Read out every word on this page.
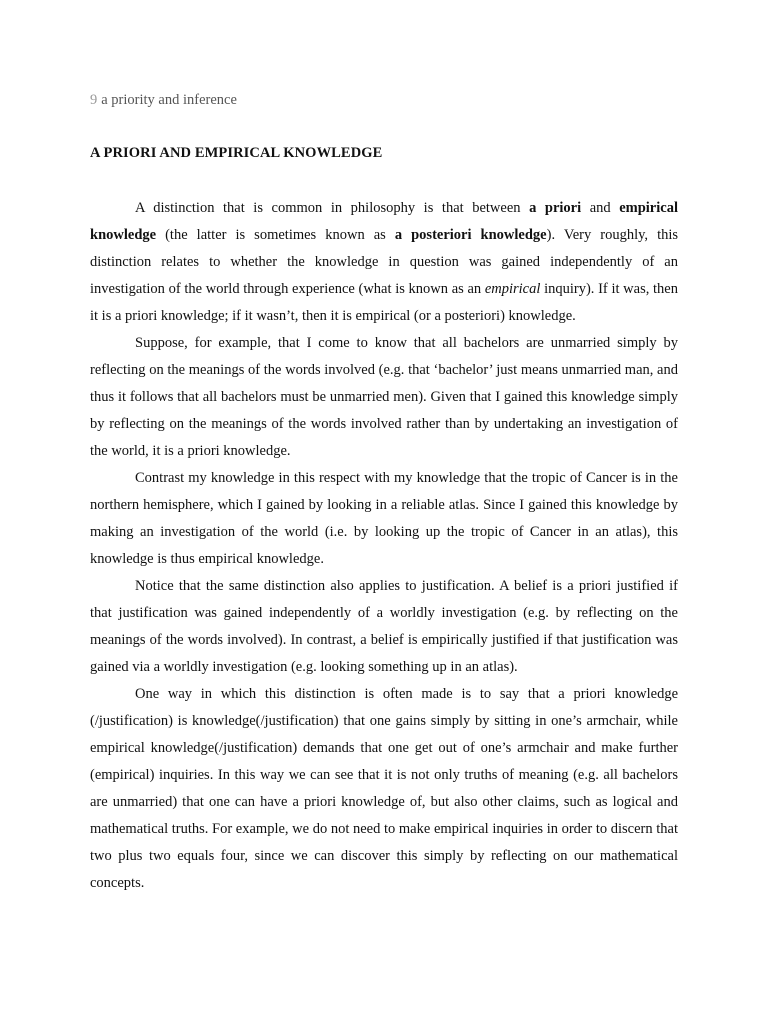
9 a priority and inference
A PRIORI AND EMPIRICAL KNOWLEDGE

A distinction that is common in philosophy is that between a priori and empirical knowledge (the latter is sometimes known as a posteriori knowledge). Very roughly, this distinction relates to whether the knowledge in question was gained independently of an investigation of the world through experience (what is known as an empirical inquiry). If it was, then it is a priori knowledge; if it wasn’t, then it is empirical (or a posteriori) knowledge.

Suppose, for example, that I come to know that all bachelors are unmarried simply by reflecting on the meanings of the words involved (e.g. that ‘bachelor’ just means unmarried man, and thus it follows that all bachelors must be unmarried men). Given that I gained this knowledge simply by reflecting on the meanings of the words involved rather than by undertaking an investigation of the world, it is a priori knowledge.

Contrast my knowledge in this respect with my knowledge that the tropic of Cancer is in the northern hemisphere, which I gained by looking in a reliable atlas. Since I gained this knowledge by making an investigation of the world (i.e. by looking up the tropic of Cancer in an atlas), this knowledge is thus empirical knowledge.

Notice that the same distinction also applies to justification. A belief is a priori justified if that justification was gained independently of a worldly investigation (e.g. by reflecting on the meanings of the words involved). In contrast, a belief is empirically justified if that justification was gained via a worldly investigation (e.g. looking something up in an atlas).

One way in which this distinction is often made is to say that a priori knowledge (/justification) is knowledge(/justification) that one gains simply by sitting in one’s armchair, while empirical knowledge(/justification) demands that one get out of one’s armchair and make further (empirical) inquiries. In this way we can see that it is not only truths of meaning (e.g. all bachelors are unmarried) that one can have a priori knowledge of, but also other claims, such as logical and mathematical truths. For example, we do not need to make empirical inquiries in order to discern that two plus two equals four, since we can discover this simply by reflecting on our mathematical concepts.
